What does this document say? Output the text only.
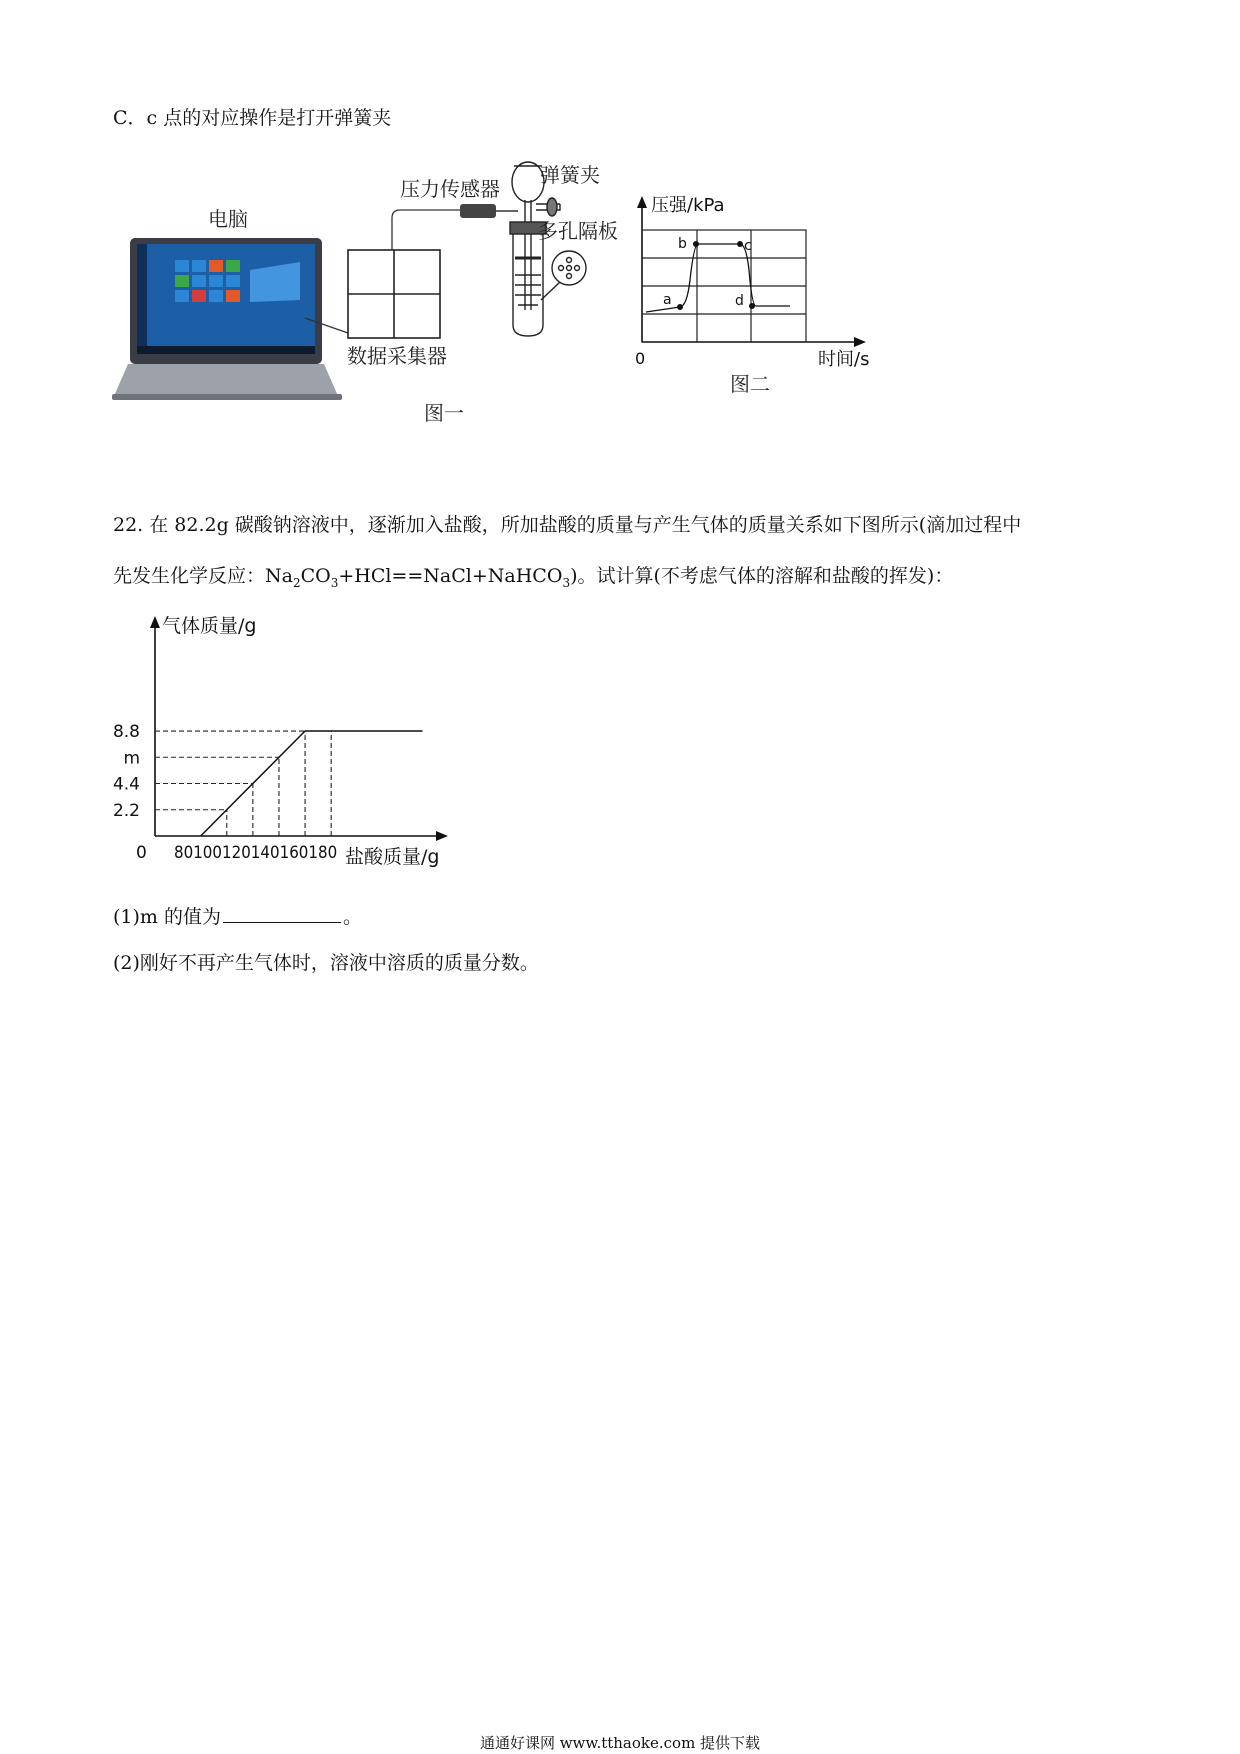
C．c 点的对应操作是打开弹簧夹
电脑
数据采集器
压力传感器
弹簧夹
多孔隔板
图一
a
b	c
d
压强/kPa
0	时间/s
图二
22. 在 82.2g 碳酸钠溶液中，逐渐加入盐酸，所加盐酸的质量与产生气体的质量关系如下图所示(滴加过程中
先发生化学反应：$Na_2CO_3+HCl==NaCl+NaHCO_3$)。试计算(不考虑气体的溶解和盐酸的挥发)：
2.2
m
4.4
8.8
80 100 120 140 160 180
0
气体质量/g
盐酸质量/g
(1)m 的值为	。
(2)刚好不再产生气体时，溶液中溶质的质量分数。
通通好课网 www.tthaoke.com 提供下载
